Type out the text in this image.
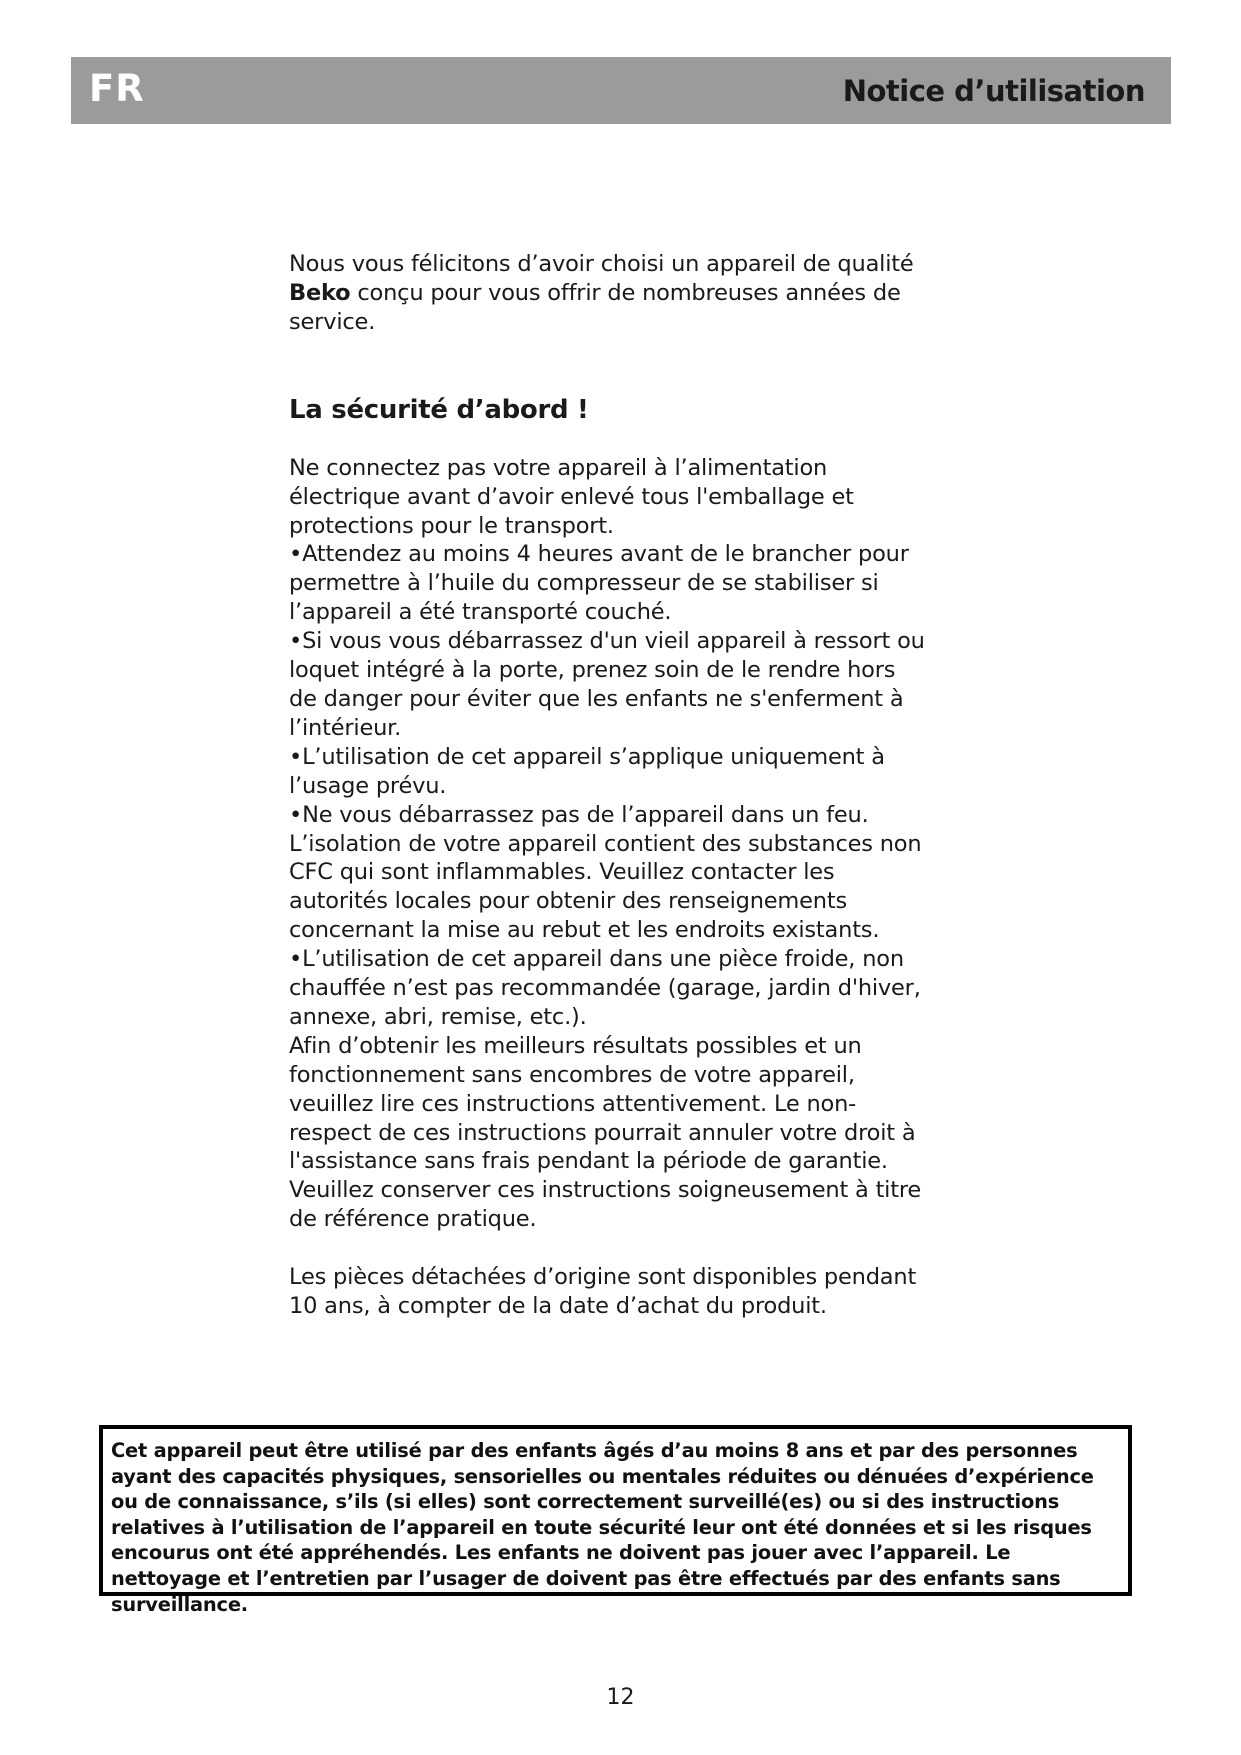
FR	Notice d’utilisation

Nous vous félicitons d’avoir choisi un appareil de qualité Beko conçu pour vous offrir de nombreuses années de service.

La sécurité d’abord !

Ne connectez pas votre appareil à l’alimentation électrique avant d’avoir enlevé tous l'emballage et protections pour le transport.

• Attendez au moins 4 heures avant de le brancher pour permettre à l’huile du compresseur de se stabiliser si l’appareil a été transporté couché.

• Si vous vous débarrassez d'un vieil appareil à ressort ou loquet intégré à la porte, prenez soin de le rendre hors de danger pour éviter que les enfants ne s'enferment à l’intérieur.

• L’utilisation de cet appareil s’applique uniquement à l’usage prévu.

• Ne vous débarrassez pas de l’appareil dans un feu. L’isolation de votre appareil contient des substances non CFC qui sont inflammables. Veuillez contacter les autorités locales pour obtenir des renseignements concernant la mise au rebut et les endroits existants.

• L’utilisation de cet appareil dans une pièce froide, non chauffée n’est pas recommandée (garage, jardin d'hiver, annexe, abri, remise, etc.).

Afin d’obtenir les meilleurs résultats possibles et un fonctionnement sans encombres de votre appareil, veuillez lire ces instructions attentivement. Le non-respect de ces instructions pourrait annuler votre droit à l'assistance sans frais pendant la période de garantie. Veuillez conserver ces instructions soigneusement à titre de référence pratique.

Les pièces détachées d’origine sont disponibles pendant 10 ans, à compter de la date d’achat du produit.

Cet appareil peut être utilisé par des enfants âgés d’au moins 8 ans et par des personnes ayant des capacités physiques, sensorielles ou mentales réduites ou dénuées d’expérience ou de connaissance, s’ils (si elles) sont correctement surveillé(es) ou si des instructions relatives à l’utilisation de l’appareil en toute sécurité leur ont été données et si les risques encourus ont été appréhendés. Les enfants ne doivent pas jouer avec l’appareil. Le nettoyage et l’entretien par l’usager de doivent pas être effectués par des enfants sans surveillance.
12
